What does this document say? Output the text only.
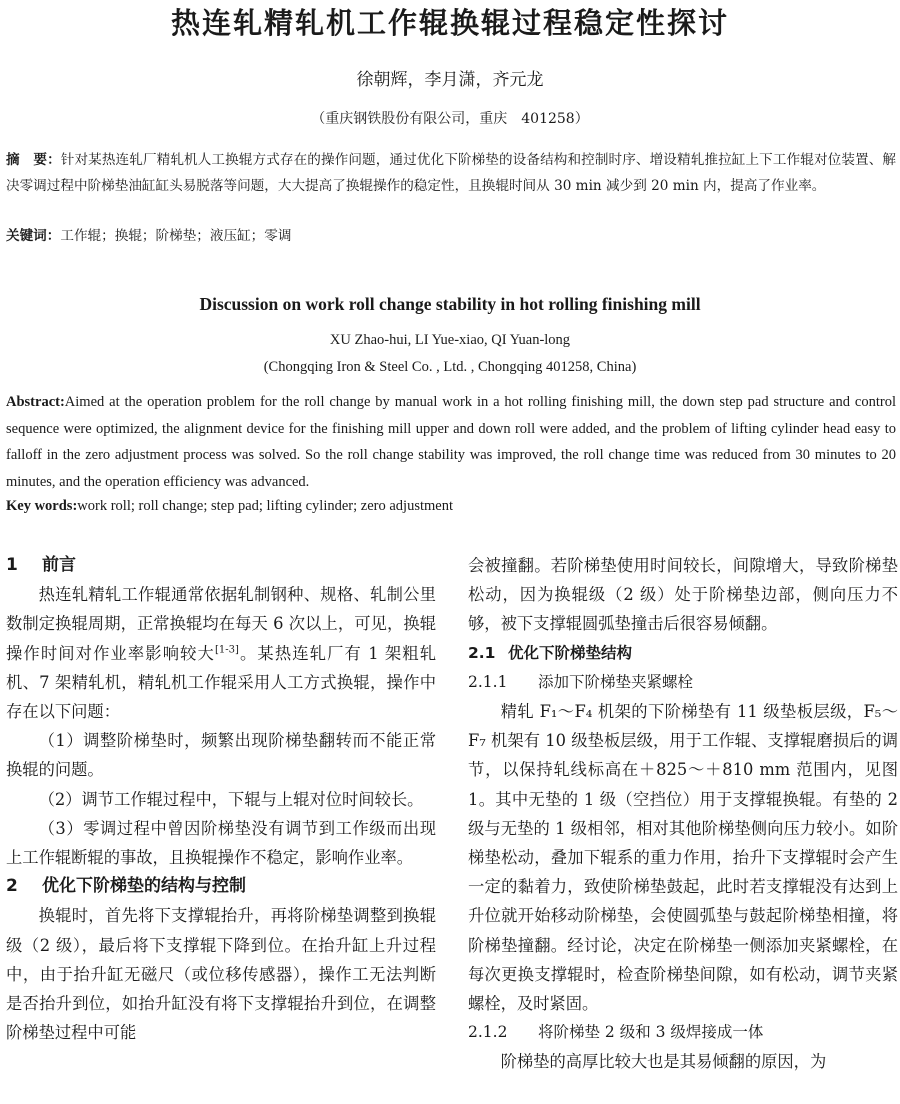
热连轧精轧机工作辊换辊过程稳定性探讨
徐朝辉，李月潇，齐元龙
（重庆钢铁股份有限公司，重庆　401258）
摘　要：针对某热连轧厂精轧机人工换辊方式存在的操作问题，通过优化下阶梯垫的设备结构和控制时序、增设精轧推拉缸上下工作辊对位装置、解决零调过程中阶梯垫油缸缸头易脱落等问题，大大提高了换辊操作的稳定性，且换辊时间从 30 min 减少到 20 min 内，提高了作业率。
关键词：工作辊；换辊；阶梯垫；液压缸；零调
Discussion on work roll change stability in hot rolling finishing mill
XU Zhao-hui, LI Yue-xiao, QI Yuan-long
(Chongqing Iron & Steel Co. , Ltd. , Chongqing 401258, China)
Abstract:Aimed at the operation problem for the roll change by manual work in a hot rolling finishing mill, the down step pad structure and control sequence were optimized, the alignment device for the finishing mill upper and down roll were added, and the problem of lifting cylinder head easy to falloff in the zero adjustment process was solved. So the roll change stability was improved, the roll change time was reduced from 30 minutes to 20 minutes, and the operation efficiency was advanced.
Key words:work roll; roll change; step pad; lifting cylinder; zero adjustment
1 前言

热连轧精轧工作辊通常依据轧制钢种、规格、轧制公里数制定换辊周期，正常换辊均在每天 6 次以上，可见，换辊操作时间对作业率影响较大[1-3]。某热连轧厂有 1 架粗轧机、7 架精轧机，精轧机工作辊采用人工方式换辊，操作中存在以下问题：

（1）调整阶梯垫时，频繁出现阶梯垫翻转而不能正常换辊的问题。

（2）调节工作辊过程中，下辊与上辊对位时间较长。

（3）零调过程中曾因阶梯垫没有调节到工作级而出现上工作辊断辊的事故，且换辊操作不稳定，影响作业率。

2 优化下阶梯垫的结构与控制

换辊时，首先将下支撑辊抬升，再将阶梯垫调整到换辊级（2 级），最后将下支撑辊下降到位。在抬升缸上升过程中，由于抬升缸无磁尺（或位移传感器），操作工无法判断是否抬升到位，如抬升缸没有将下支撑辊抬升到位，在调整阶梯垫过程中可能

会被撞翻。若阶梯垫使用时间较长，间隙增大，导致阶梯垫松动，因为换辊级（2 级）处于阶梯垫边部，侧向压力不够，被下支撑辊圆弧垫撞击后很容易倾翻。

2.1 优化下阶梯垫结构
2.1.1 添加下阶梯垫夹紧螺栓

精轧 F₁～F₄ 机架的下阶梯垫有 11 级垫板层级，F₅～F₇ 机架有 10 级垫板层级，用于工作辊、支撑辊磨损后的调节，以保持轧线标高在＋825～＋810 mm 范围内，见图 1。其中无垫的 1 级（空挡位）用于支撑辊换辊。有垫的 2 级与无垫的 1 级相邻，相对其他阶梯垫侧向压力较小。如阶梯垫松动，叠加下辊系的重力作用，抬升下支撑辊时会产生一定的黏着力，致使阶梯垫鼓起，此时若支撑辊没有达到上升位就开始移动阶梯垫，会使圆弧垫与鼓起阶梯垫相撞，将阶梯垫撞翻。经讨论，决定在阶梯垫一侧添加夹紧螺栓，在每次更换支撑辊时，检查阶梯垫间隙，如有松动，调节夹紧螺栓，及时紧固。

2.1.2 将阶梯垫 2 级和 3 级焊接成一体

阶梯垫的高厚比较大也是其易倾翻的原因，为
